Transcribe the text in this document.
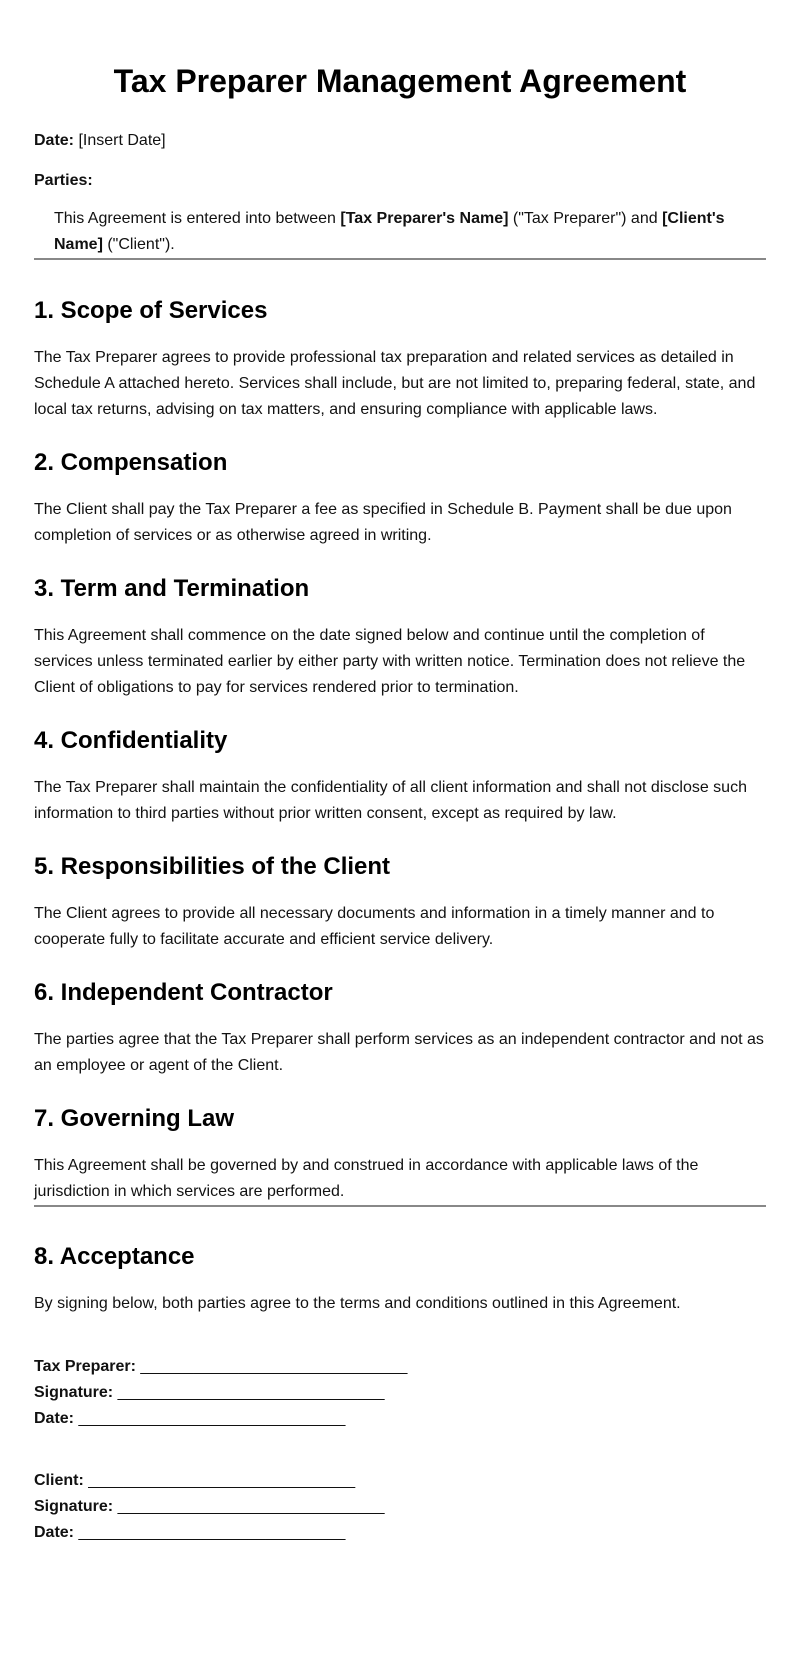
Tax Preparer Management Agreement

Date: [Insert Date]

Parties:

This Agreement is entered into between [Tax Preparer's Name] ("Tax Preparer") and [Client's Name] ("Client").

1. Scope of Services

The Tax Preparer agrees to provide professional tax preparation and related services as detailed in Schedule A attached hereto. Services shall include, but are not limited to, preparing federal, state, and local tax returns, advising on tax matters, and ensuring compliance with applicable laws.

2. Compensation

The Client shall pay the Tax Preparer a fee as specified in Schedule B. Payment shall be due upon completion of services or as otherwise agreed in writing.

3. Term and Termination

This Agreement shall commence on the date signed below and continue until the completion of services unless terminated earlier by either party with written notice. Termination does not relieve the Client of obligations to pay for services rendered prior to termination.

4. Confidentiality

The Tax Preparer shall maintain the confidentiality of all client information and shall not disclose such information to third parties without prior written consent, except as required by law.

5. Responsibilities of the Client

The Client agrees to provide all necessary documents and information in a timely manner and to cooperate fully to facilitate accurate and efficient service delivery.

6. Independent Contractor

The parties agree that the Tax Preparer shall perform services as an independent contractor and not as an employee or agent of the Client.

7. Governing Law

This Agreement shall be governed by and construed in accordance with applicable laws of the jurisdiction in which services are performed.

8. Acceptance

By signing below, both parties agree to the terms and conditions outlined in this Agreement.

Tax Preparer: ______________________________

Signature: ______________________________

Date: ______________________________

Client: ______________________________

Signature: ______________________________

Date: ______________________________
